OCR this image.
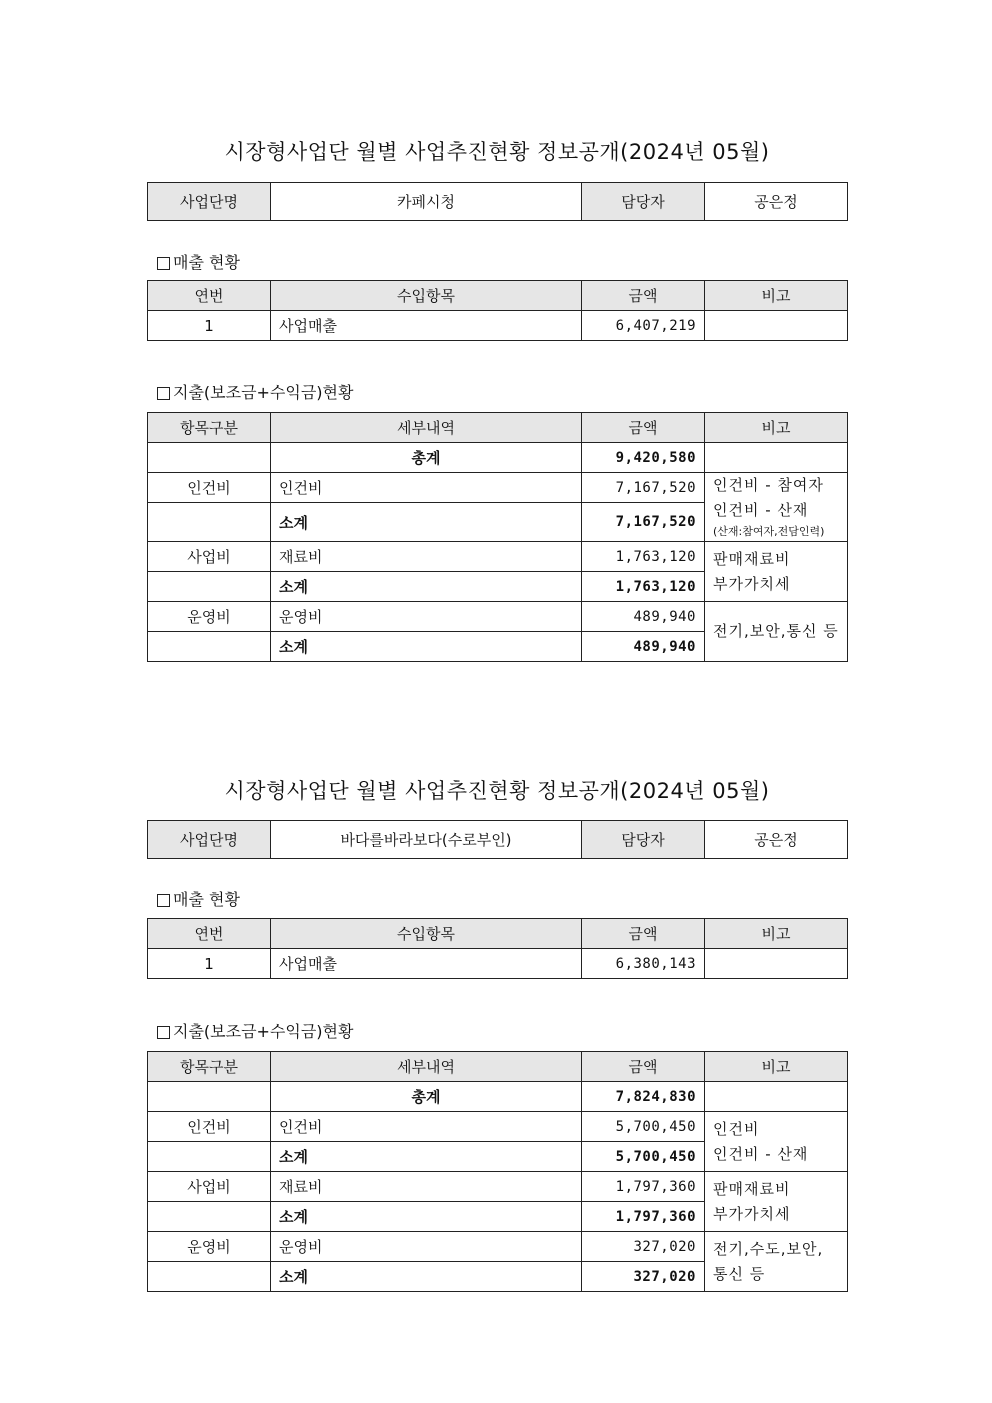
시장형사업단 월별 사업추진현황 정보공개(2024년 05월)
사업단명	카페시청	담당자	공은정

매출 현황

연번	수입항목	금액	비고
1	사업매출	6,407,219	

지출(보조금+수익금)현황

항목구분	세부내역	금액	비고
	총계	9,420,580	
인건비	인건비	7,167,520	인건비 - 참여자
인건비 - 산재
(산재:참여자,전담인력)

	소계	7,167,520	
사업비	재료비	1,763,120	판매재료비
부가가치세
	소계	1,763,120	
운영비	운영비	489,940	전기,보안,통신 등
	소계	489,940	
시장형사업단 월별 사업추진현황 정보공개(2024년 05월)
사업단명	바다를바라보다(수로부인)	담당자	공은정

매출 현황

연번	수입항목	금액	비고
1	사업매출	6,380,143	

지출(보조금+수익금)현황

항목구분	세부내역	금액	비고
	총계	7,824,830	
인건비	인건비	5,700,450	인건비
인건비 - 산재
	소계	5,700,450	
사업비	재료비	1,797,360	판매재료비
부가가치세
	소계	1,797,360	
운영비	운영비	327,020	전기,수도,보안,
통신 등
	소계	327,020	
